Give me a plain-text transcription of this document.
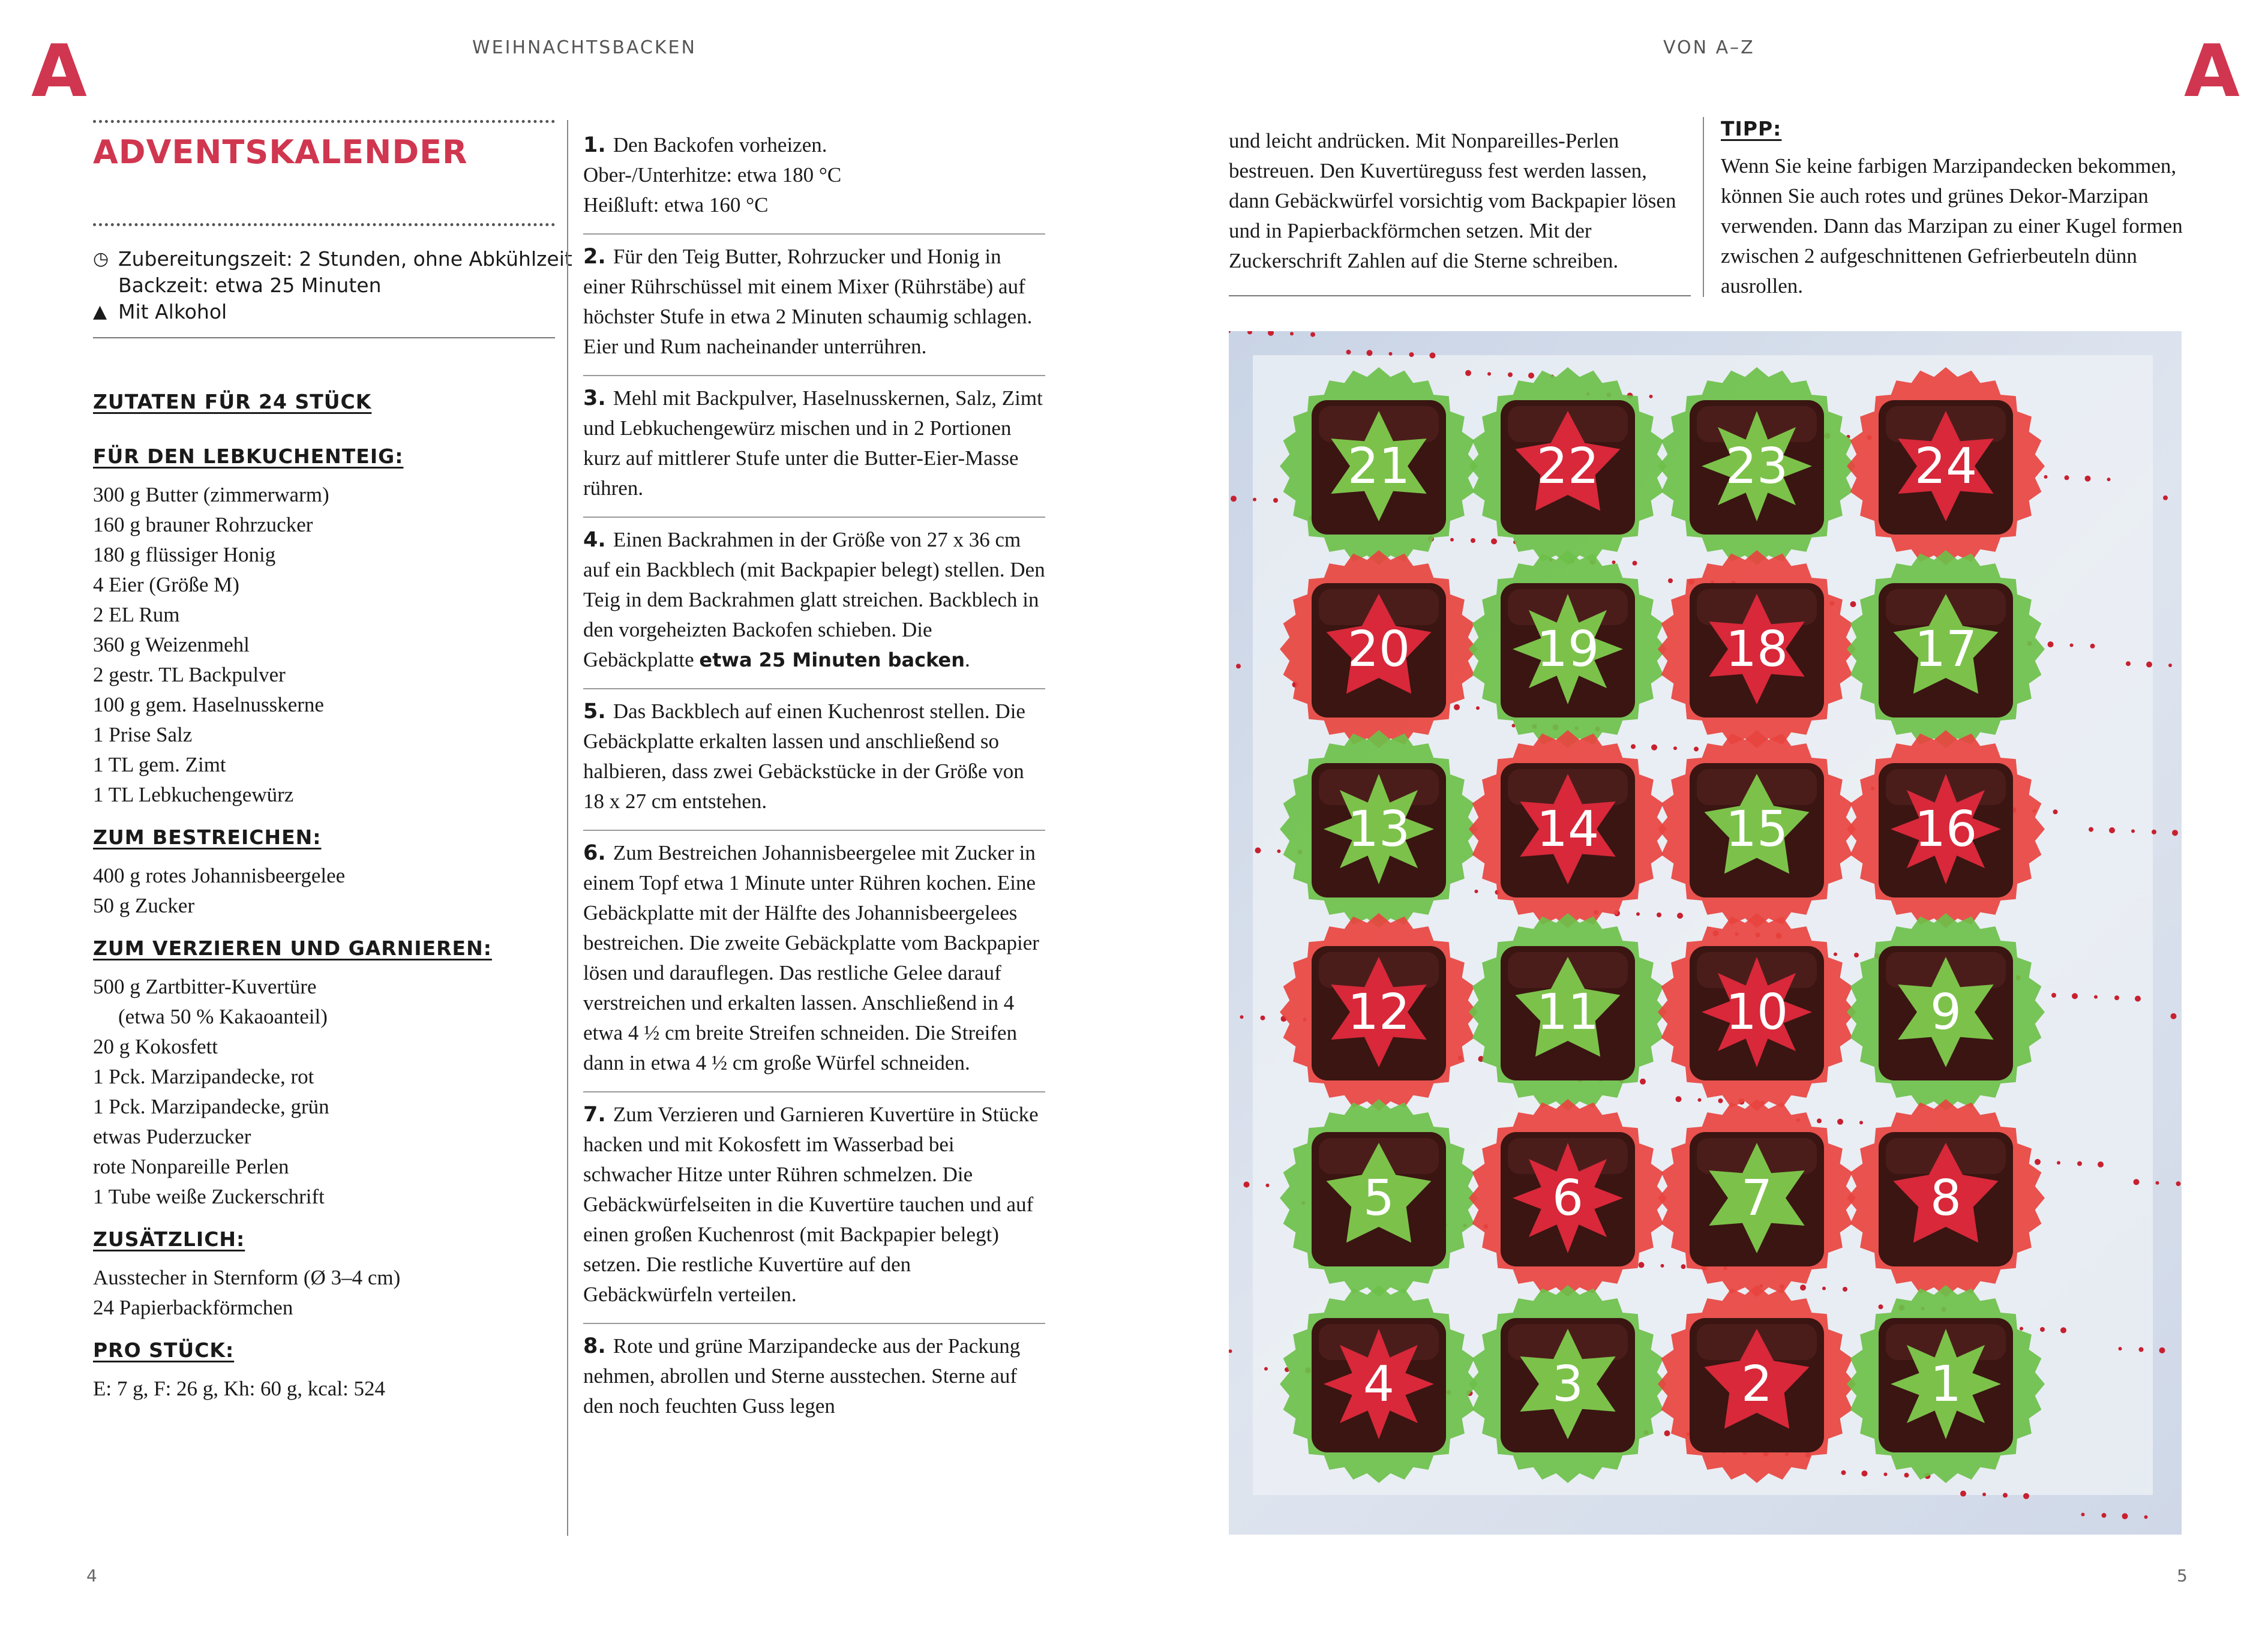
A	WEIHNACHTSBACKEN	VON A–Z	A
ADVENTSKALENDER
◷ Zubereitungszeit: 2 Stunden, ohne Abkühlzeit
Backzeit: etwa 25 Minuten
▲ Mit Alkohol
ZUTATEN FÜR 24 STÜCK
FÜR DEN LEBKUCHENTEIG:
300 g Butter (zimmerwarm)
160 g brauner Rohrzucker
180 g flüssiger Honig
4 Eier (Größe M)
2 EL Rum
360 g Weizenmehl
2 gestr. TL Backpulver
100 g gem. Haselnusskerne
1 Prise Salz
1 TL gem. Zimt
1 TL Lebkuchengewürz
ZUM BESTREICHEN:
400 g rotes Johannisbeergelee
50 g Zucker
ZUM VERZIEREN UND GARNIEREN:
500 g Zartbitter-Kuvertüre
(etwa 50 % Kakaoanteil)
20 g Kokosfett
1 Pck. Marzipandecke, rot
1 Pck. Marzipandecke, grün
etwas Puderzucker
rote Nonpareille Perlen
1 Tube weiße Zuckerschrift
ZUSÄTZLICH:
Ausstecher in Sternform (Ø 3–4 cm)
24 Papierbackförmchen
PRO STÜCK:
E: 7 g, F: 26 g, Kh: 60 g, kcal: 524
1. Den Backofen vorheizen.
Ober-/Unterhitze: etwa 180 °C
Heißluft: etwa 160 °C
2. Für den Teig Butter, Rohrzucker und Honig in einer Rührschüssel mit einem Mixer (Rührstäbe) auf höchster Stufe in etwa 2 Minuten schaumig schlagen. Eier und Rum nacheinander unterrühren.
3. Mehl mit Backpulver, Haselnusskernen, Salz, Zimt und Lebkuchengewürz mischen und in 2 Portionen kurz auf mittlerer Stufe unter die Butter-Eier-Masse rühren.
4. Einen Backrahmen in der Größe von 27 x 36 cm auf ein Backblech (mit Backpapier belegt) stellen. Den Teig in dem Backrahmen glatt streichen. Backblech in den vorgeheizten Backofen schieben. Die Gebäckplatte etwa 25 Minuten backen.
5. Das Backblech auf einen Kuchenrost stellen. Die Gebäckplatte erkalten lassen und anschließend so halbieren, dass zwei Gebäckstücke in der Größe von 18 x 27 cm entstehen.
6. Zum Bestreichen Johannisbeergelee mit Zucker in einem Topf etwa 1 Minute unter Rühren kochen. Eine Gebäckplatte mit der Hälfte des Johannisbeergelees bestreichen. Die zweite Gebäckplatte vom Backpapier lösen und darauflegen. Das restliche Gelee darauf verstreichen und erkalten lassen. Anschließend in 4 etwa 4 ½ cm breite Streifen schneiden. Die Streifen dann in etwa 4 ½ cm große Würfel schneiden.
7. Zum Verzieren und Garnieren Kuvertüre in Stücke hacken und mit Kokosfett im Wasserbad bei schwacher Hitze unter Rühren schmelzen. Die Gebäckwürfelseiten in die Kuvertüre tauchen und auf einen großen Kuchenrost (mit Backpapier belegt) setzen. Die restliche Kuvertüre auf den Gebäckwürfeln verteilen.
8. Rote und grüne Marzipandecke aus der Packung nehmen, abrollen und Sterne ausstechen. Sterne auf den noch feuchten Guss legen
und leicht andrücken. Mit Nonpareilles-Perlen bestreuen. Den Kuvertüreguss fest werden lassen, dann Gebäckwürfel vorsichtig vom Backpapier lösen und in Papierbackförmchen setzen. Mit der Zuckerschrift Zahlen auf die Sterne schreiben.
TIPP:
Wenn Sie keine farbigen Marzipandecken bekommen, können Sie auch rotes und grünes Dekor-Marzipan verwenden. Dann das Marzipan zu einer Kugel formen zwischen 2 aufgeschnittenen Gefrierbeuteln dünn ausrollen.
21	22	23	24
20	19	18	17
13	14	15	16
12	11	10	9
5	6	7	8
4	3	2	1
4	5
